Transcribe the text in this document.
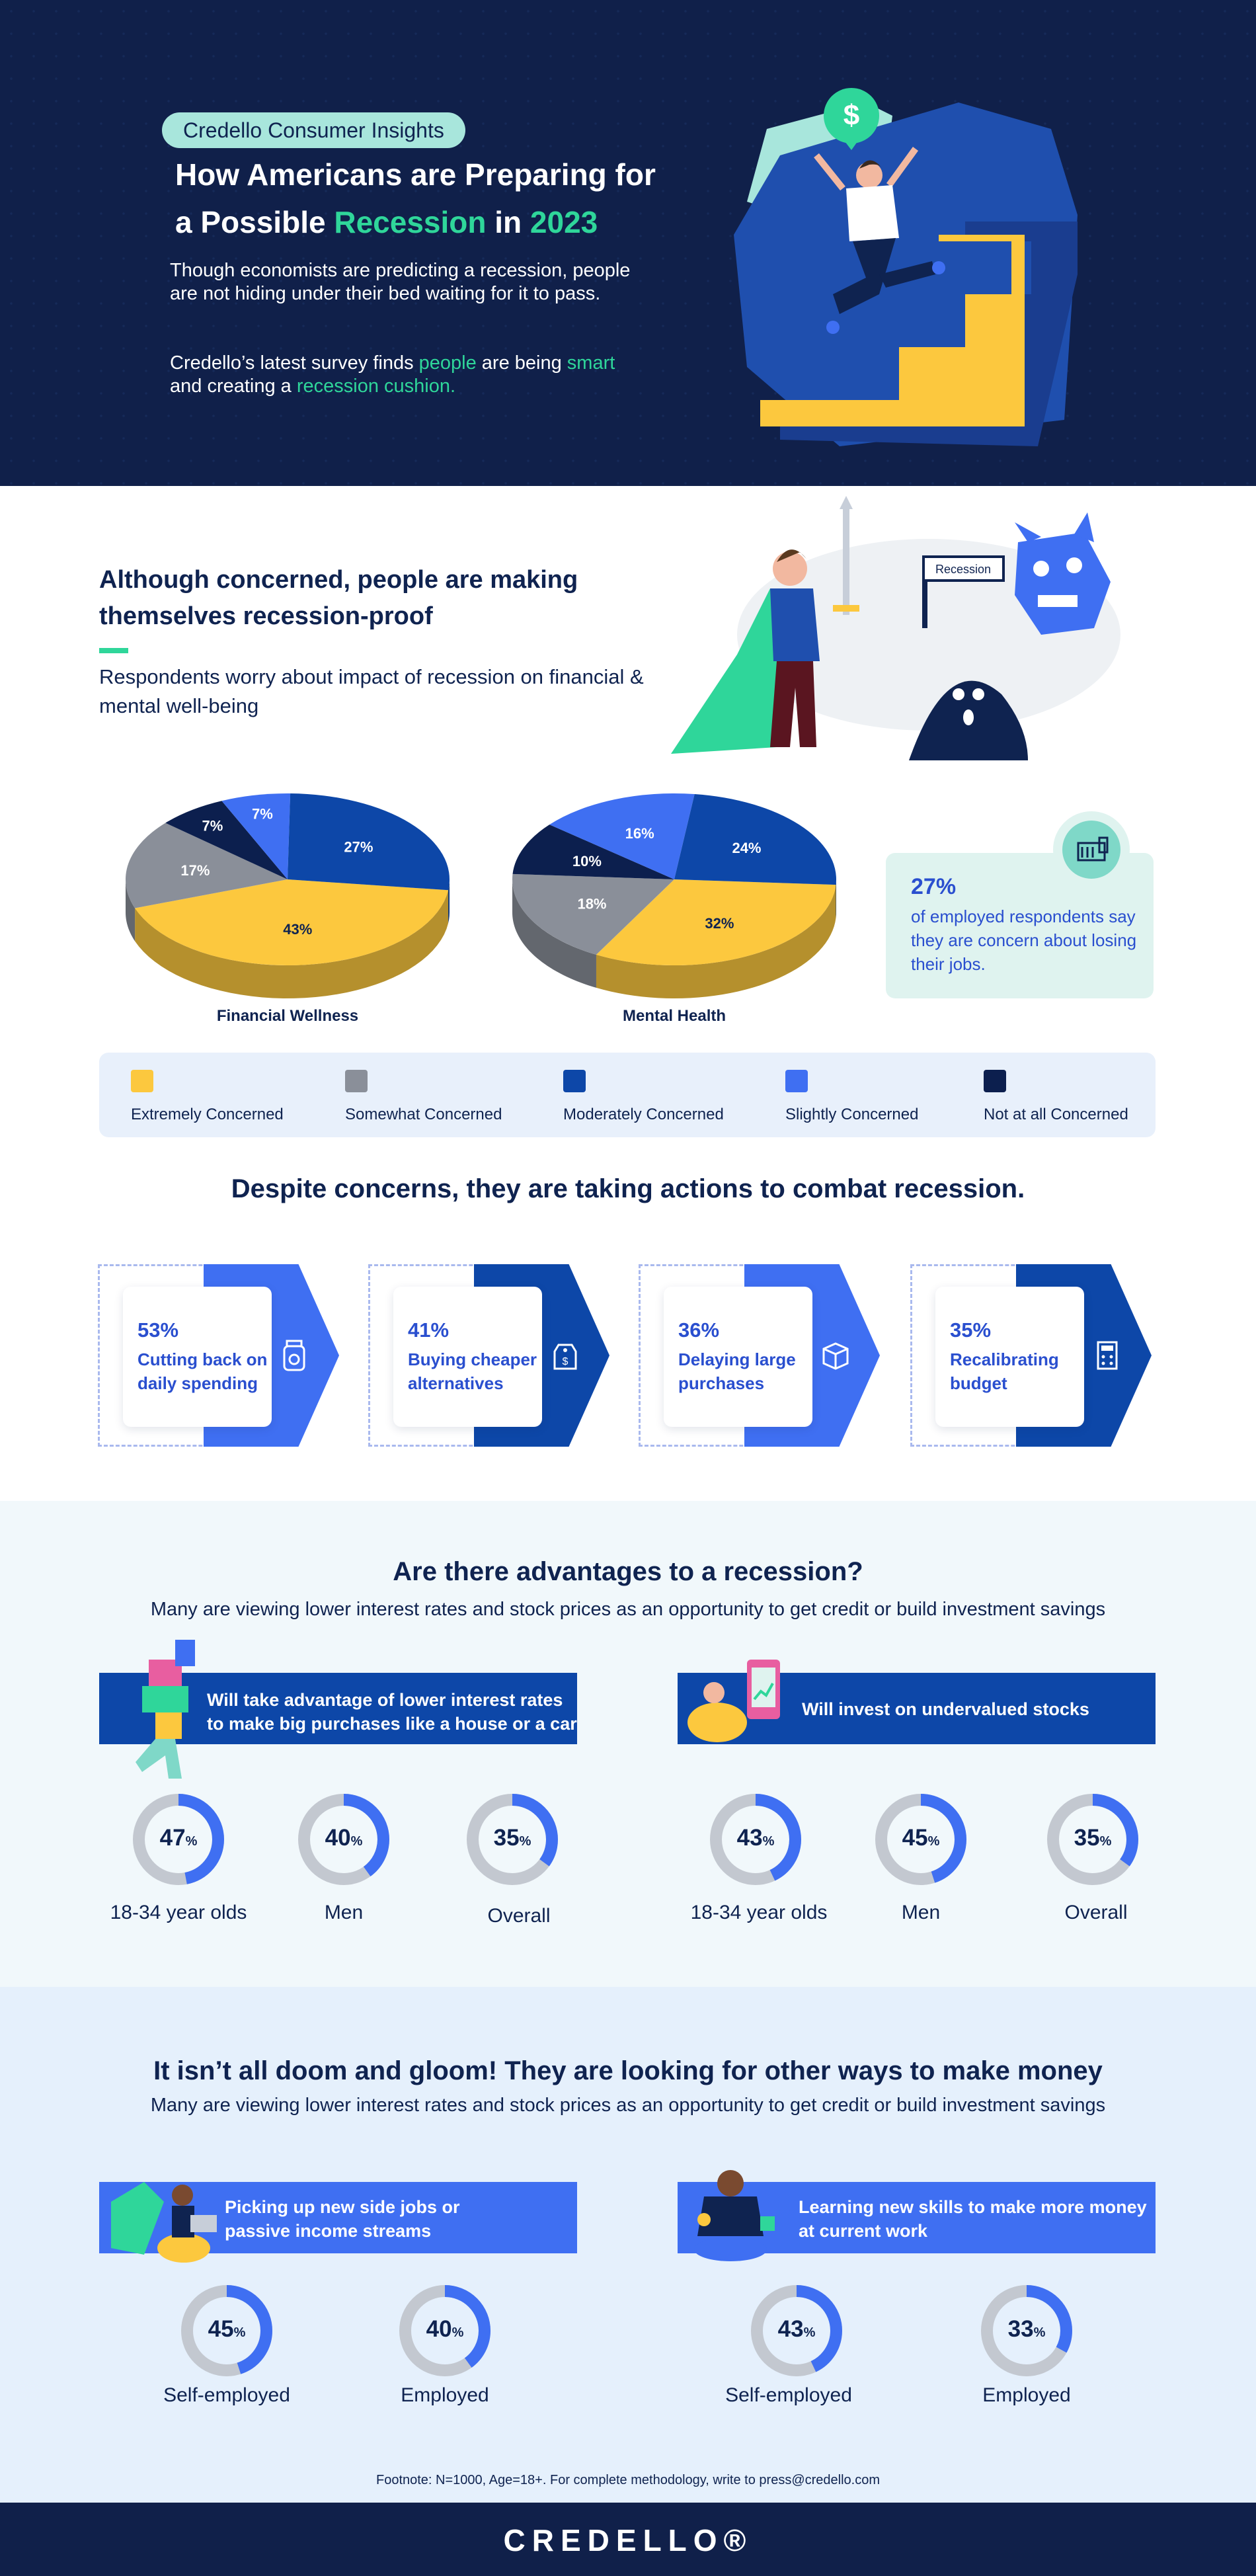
Credello Consumer Insights
How Americans are Preparing for
a Possible Recession in 2023
Though economists are predicting a recession, people are not hiding under their bed waiting for it to pass.
Credello’s latest survey finds people are being smart and creating a recession cushion.
$
Although concerned, people are making themselves recession-proof
Respondents worry about impact of recession on financial & mental well-being
Recession
43%
17%
7%
7%
27%
Financial Wellness
32%
18%
10%
16%
24%
Mental Health
27%
of employed respondents say they are concern about losing their jobs.
Extremely Concerned	Somewhat Concerned	Moderately Concerned	Slightly Concerned	Not at all Concerned
Despite concerns, they are taking actions to combat recession.
53%
Cutting back on daily spending
41%
Buying cheaper alternatives
$
36%
Delaying large purchases
35%
Recalibrating budget
Are there advantages to a recession?
Many are viewing lower interest rates and stock prices as an opportunity to get credit or build investment savings
Will take advantage of lower interest rates to make big purchases like a house or a car
Will invest on undervalued stocks
47%
18-34 year olds
40%
Men
35%
Overall
43%
18-34 year olds
45%
Men
35%
Overall
It isn’t all doom and gloom! They are looking for other ways to make money
Many are viewing lower interest rates and stock prices as an opportunity to get credit or build investment savings
Picking up new side jobs or passive income streams
Learning new skills to make more money at current work
45%
Self-employed
40%
Employed
43%
Self-employed
33%
Employed
Footnote: N=1000, Age=18+. For complete methodology, write to press@credello.com
CREDELLO®
